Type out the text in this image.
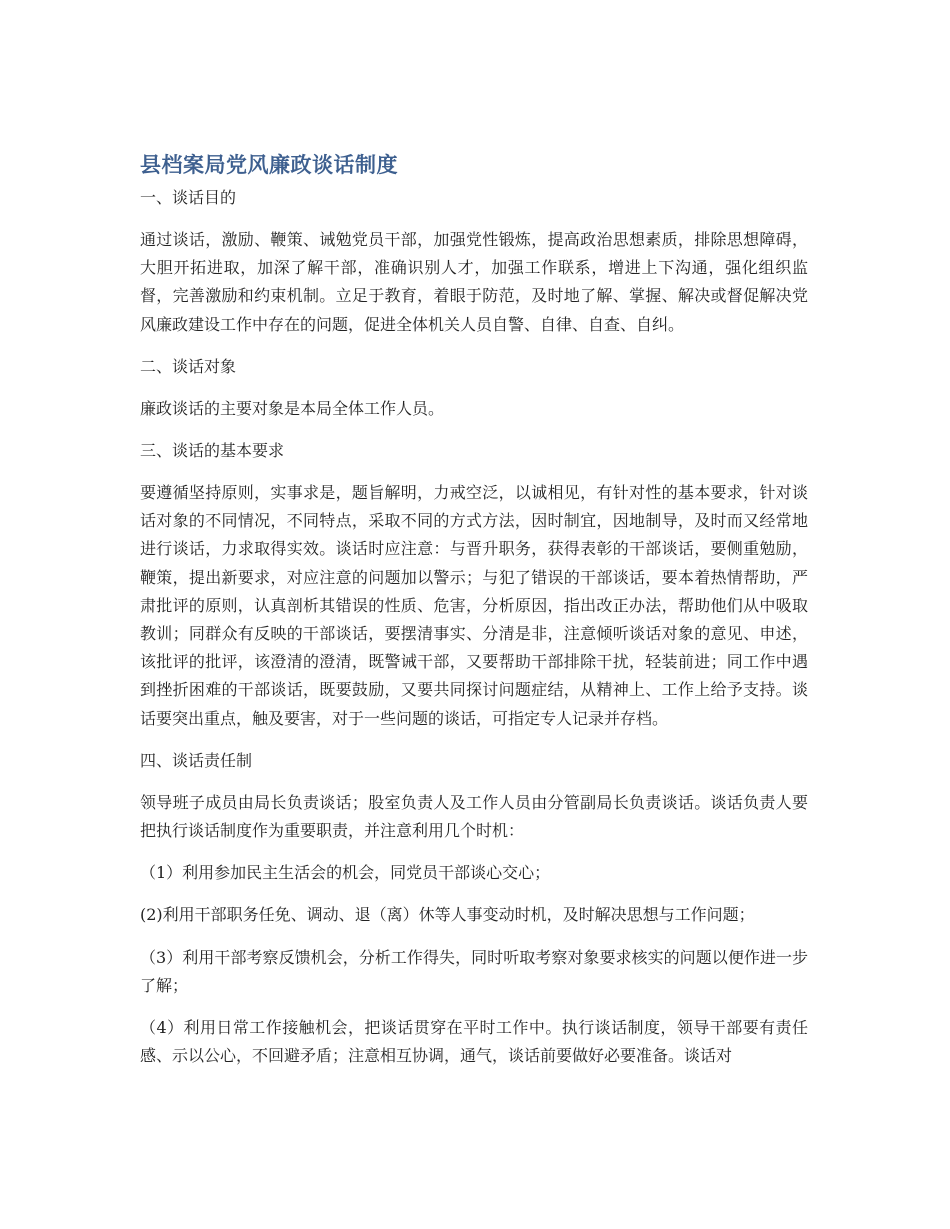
县档案局党风廉政谈话制度
一、谈话目的

通过谈话，激励、鞭策、诫勉党员干部，加强党性锻炼，提高政治思想素质，排除思想障碍，大胆开拓进取，加深了解干部，准确识别人才，加强工作联系，增进上下沟通，强化组织监督，完善激励和约束机制。立足于教育，着眼于防范，及时地了解、掌握、解决或督促解决党风廉政建设工作中存在的问题，促进全体机关人员自警、自律、自查、自纠。

二、谈话对象

廉政谈话的主要对象是本局全体工作人员。

三、谈话的基本要求

要遵循坚持原则，实事求是，题旨解明，力戒空泛，以诚相见，有针对性的基本要求，针对谈话对象的不同情况，不同特点，采取不同的方式方法，因时制宜，因地制导，及时而又经常地进行谈话，力求取得实效。谈话时应注意：与晋升职务，获得表彰的干部谈话，要侧重勉励，鞭策，提出新要求，对应注意的问题加以警示；与犯了错误的干部谈话，要本着热情帮助，严肃批评的原则，认真剖析其错误的性质、危害，分析原因，指出改正办法，帮助他们从中吸取教训；同群众有反映的干部谈话，要摆清事实、分清是非，注意倾听谈话对象的意见、申述，该批评的批评，该澄清的澄清，既警诫干部，又要帮助干部排除干扰，轻装前进；同工作中遇到挫折困难的干部谈话，既要鼓励，又要共同探讨问题症结，从精神上、工作上给予支持。谈话要突出重点，触及要害，对于一些问题的谈话，可指定专人记录并存档。

四、谈话责任制

领导班子成员由局长负责谈话；股室负责人及工作人员由分管副局长负责谈话。谈话负责人要把执行谈话制度作为重要职责，并注意利用几个时机：

（1）利用参加民主生活会的机会，同党员干部谈心交心；

(2)利用干部职务任免、调动、退（离）休等人事变动时机，及时解决思想与工作问题；

（3）利用干部考察反馈机会，分析工作得失，同时听取考察对象要求核实的问题以便作进一步了解；

（4）利用日常工作接触机会，把谈话贯穿在平时工作中。执行谈话制度，领导干部要有责任感、示以公心，不回避矛盾；注意相互协调，通气，谈话前要做好必要准备。谈话对
